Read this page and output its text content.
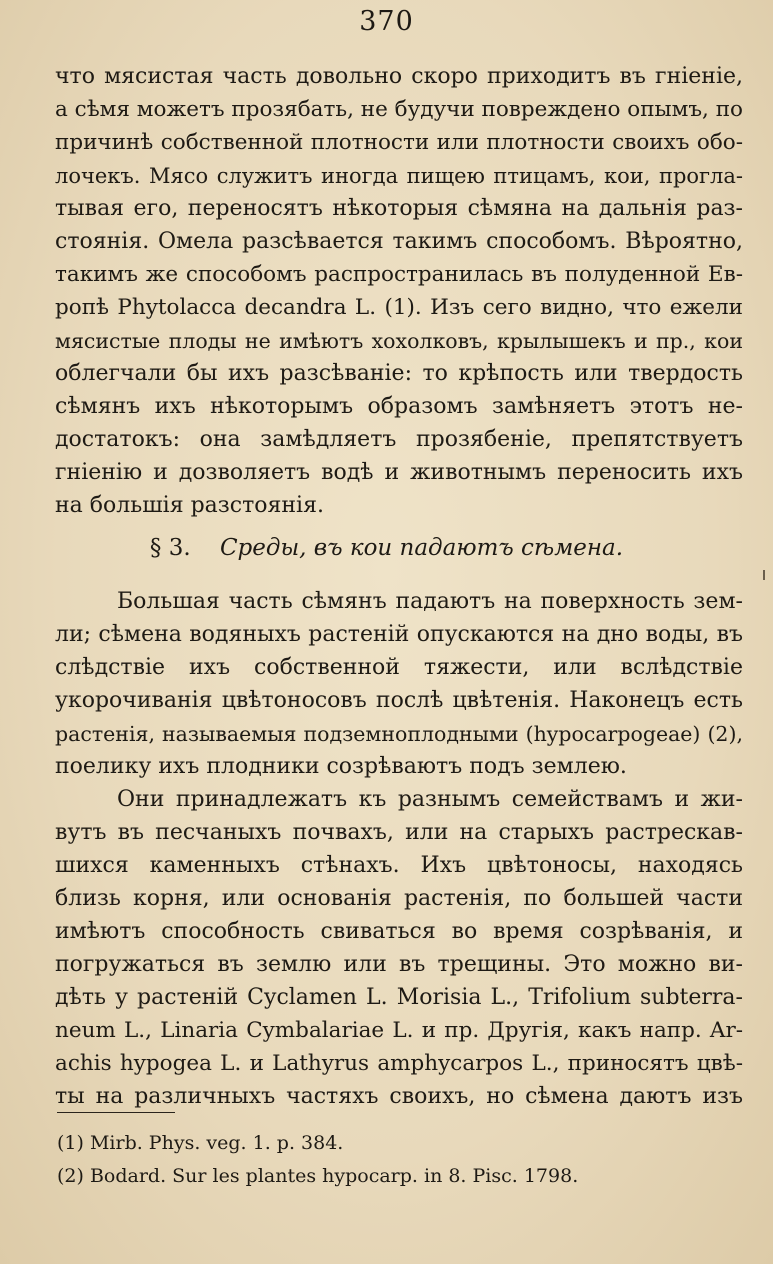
370
что мясистая часть довольно скоро приходитъ въ гніеніе,
а сѣмя можетъ прозябать, не будучи повреждено опымъ, по
причинѣ собственной плотности или плотности своихъ обо-
лочекъ. Мясо служитъ иногда пищею птицамъ, кои, прогла-
тывая его, переносятъ нѣкоторыя сѣмяна на дальнія раз-
стоянія. Омела разсѣвается такимъ способомъ. Вѣроятно,
такимъ же способомъ распространилась въ полуденной Ев-
ропѣ Phytolacca decandra L. (1). Изъ сего видно, что ежели
мясистые плоды не имѣютъ хохолковъ, крылышекъ и пр., кои
облегчали бы ихъ разсѣваніе: то крѣпость или твердость
сѣмянъ ихъ нѣкоторымъ образомъ замѣняетъ этотъ не-
достатокъ: она замѣдляетъ прозябеніе, препятствуетъ
гніенію и дозволяетъ водѣ и животнымъ переносить ихъ
на большія разстоянія.
§ 3. Среды, въ кои падаютъ сѣмена.
Большая часть сѣмянъ падаютъ на поверхность зем-
ли; сѣмена водяныхъ растеній опускаются на дно воды, въ
слѣдствіе ихъ собственной тяжести, или вслѣдствіе
укорочиванія цвѣтоносовъ послѣ цвѣтенія. Наконецъ есть
растенія, называемыя подземноплодными (hypocarpogeae) (2),
поелику ихъ плодники созрѣваютъ подъ землею.
Они принадлежатъ къ разнымъ семействамъ и жи-
вутъ въ песчаныхъ почвахъ, или на старыхъ растрескав-
шихся каменныхъ стѣнахъ. Ихъ цвѣтоносы, находясь
близь корня, или основанія растенія, по большей части
имѣютъ способность свиваться во время созрѣванія, и
погружаться въ землю или въ трещины. Это можно ви-
дѣть у растеній Cyclamen L. Morisia L., Trifolium subterra-
neum L., Linaria Cymbalariae L. и пр. Другія, какъ напр. Ar-
achis hypogea L. и Lathyrus amphycarpos L., приносятъ цвѣ-
ты на различныхъ частяхъ своихъ, но сѣмена даютъ изъ
(1) Mirb. Phys. veg. 1. p. 384.
(2) Bodard. Sur les plantes hypocarp. in 8. Pisc. 1798.
